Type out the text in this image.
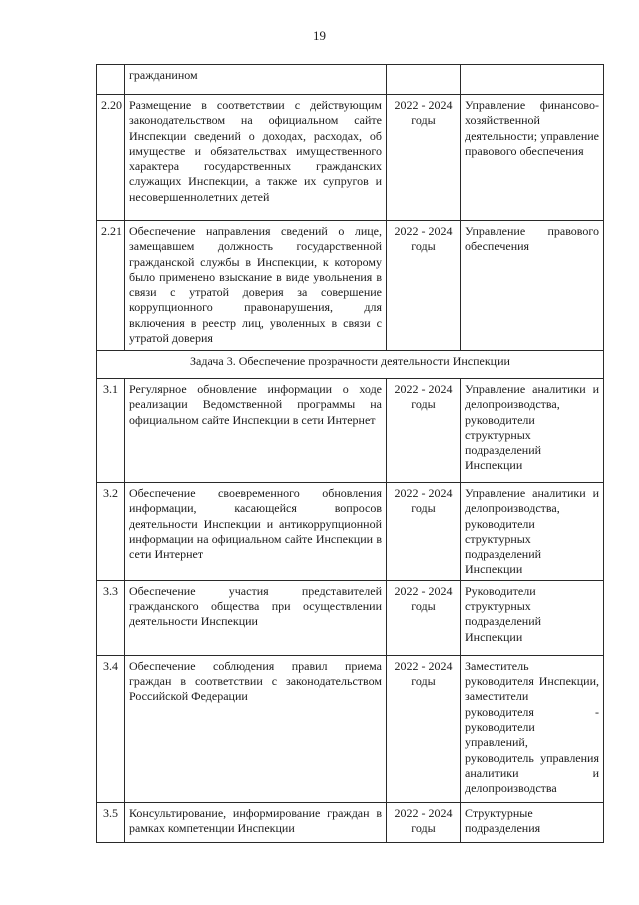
19
	гражданином		
2.20	Размещение в соответствии с действующим законодательством на официальном сайте Инспекции сведений о доходах, расходах, об имуществе и обязательствах имущественного характера государственных гражданских служащих Инспекции, а также их супругов и несовершеннолетних детей	2022 - 2024 годы	Управление финансово-хозяйственной деятельности; управление правового обеспечения
2.21	Обеспечение направления сведений о лице, замещавшем должность государственной гражданской службы в Инспекции, к которому было применено взыскание в виде увольнения в связи с утратой доверия за совершение коррупционного правонарушения, для включения в реестр лиц, уволенных в связи с утратой доверия	2022 - 2024 годы	Управление правового обеспечения
Задача 3. Обеспечение прозрачности деятельности Инспекции			
3.1	Регулярное обновление информации о ходе реализации Ведомственной программы на официальном сайте Инспекции в сети Интернет	2022 - 2024 годы	Управление аналитики и делопроизводства, руководители структурных подразделений Инспекции
3.2	Обеспечение своевременного обновления информации, касающейся вопросов деятельности Инспекции и антикоррупционной информации на официальном сайте Инспекции в сети Интернет	2022 - 2024 годы	Управление аналитики и делопроизводства, руководители структурных подразделений Инспекции
3.3	Обеспечение участия представителей гражданского общества при осуществлении деятельности Инспекции	2022 - 2024 годы	Руководители структурных подразделений Инспекции
3.4	Обеспечение соблюдения правил приема граждан в соответствии с законодательством Российской Федерации	2022 - 2024 годы	Заместитель руководителя Инспекции, заместители руководителя - руководители управлений, руководитель управления аналитики и делопроизводства
3.5	Консультирование, информирование граждан в рамках компетенции Инспекции	2022 - 2024 годы	Структурные подразделения
